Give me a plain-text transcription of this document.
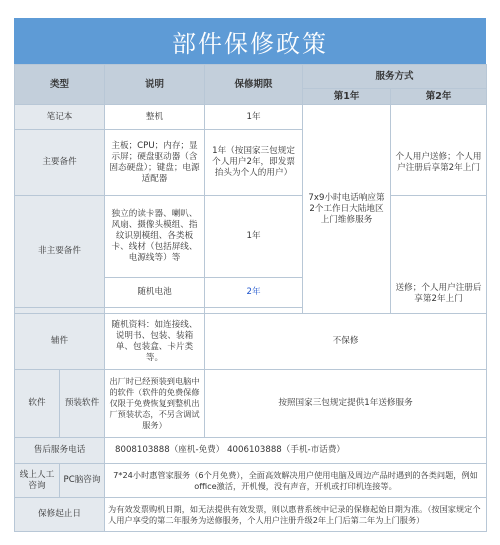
部件保修政策
类型		说明	保修期限	服务方式	
				第1年	第2年
笔记本		整机	1年	7x9小时电话响应第2个工作日大陆地区上门维修服务	
主要备件		主板；CPU；内存；显示屏；硬盘驱动器（含固态硬盘）；键盘；电源适配器	1年（按国家三包规定个人用户2年，即发票抬头为个人的用户）		个人用户送修；个人用户注册后享第2年上门
非主要备件		独立的读卡器、喇叭、风扇、摄像头模组、指纹识别模组、各类板卡、线材（包括屏线、电源线等）等	1年		送修；个人用户注册后享第2年上门
		随机电池	2年		

辅件		随机资料：如连接线、说明书、包装、装箱单、包装盒、卡片类等。	不保修		
软件	预装软件	出厂时已经预装到电脑中的软件（软件的免费保修仅限于免费恢复到整机出厂预装状态，不另含调试服务）	按照国家三包规定提供1年送修服务		
售后服务电话		8008103888（座机-免费） 4006103888（手机-市话费）			
线上人工咨询	PC脑咨询	7*24小时惠管家服务（6个月免费），全面高效解决用户使用电脑及周边产品时遇到的各类问题，例如office激活，开机慢，没有声音，开机或打印机连接等。			
保修起止日		为有效发票购机日期，如无法提供有效发票，则以惠普系统中记录的保修起始日期为准。（按国家规定个人用户享受的第二年服务为送修服务，个人用户注册升级2年上门后第二年为上门服务）			
